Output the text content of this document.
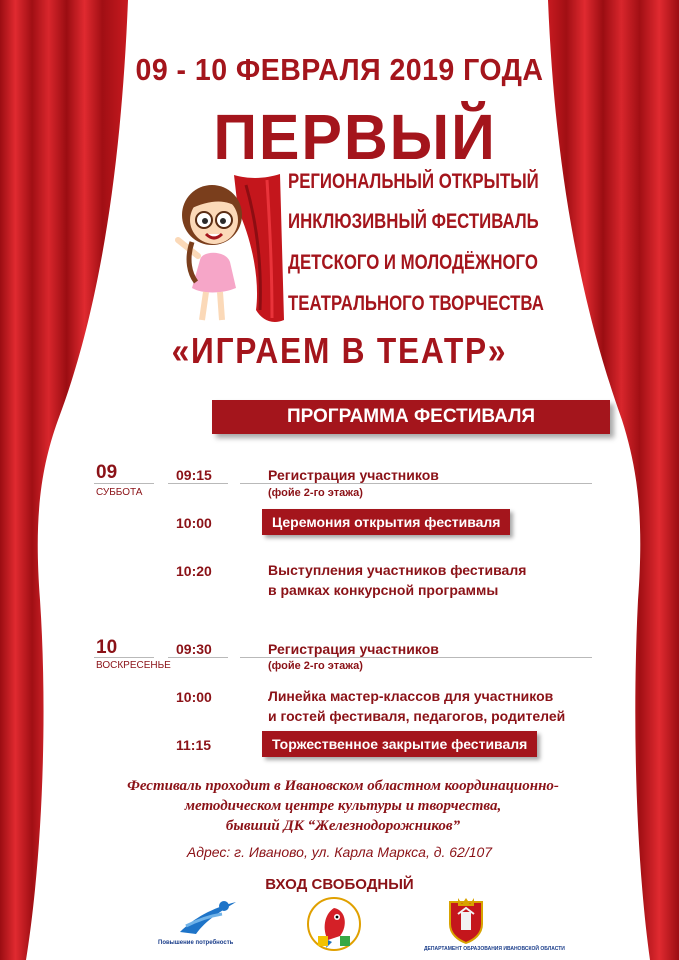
09 - 10 ФЕВРАЛЯ 2019 ГОДА
ПЕРВЫЙ
РЕГИОНАЛЬНЫЙ ОТКРЫТЫЙ
ИНКЛЮЗИВНЫЙ ФЕСТИВАЛЬ
ДЕТСКОГО И МОЛОДЁЖНОГО
ТЕАТРАЛЬНОГО ТВОРЧЕСТВА
«ИГРАЕМ В ТЕАТР»
ПРОГРАММА ФЕСТИВАЛЯ
09
СУББОТА
09:15	Регистрация участников
(фойе 2-го этажа)
10:00	Церемония открытия фестиваля
10:20	Выступления участников фестиваля
в рамках конкурсной программы
10
ВОСКРЕСЕНЬЕ
09:30	Регистрация участников
(фойе 2-го этажа)
10:00	Линейка мастер-классов для участников
и гостей фестиваля, педагогов, родителей
11:15	Торжественное закрытие фестиваля
Фестиваль проходит в Ивановском областном координационно-
методическом центре культуры и творчества,
бывший ДК “Железнодорожников”
Адрес: г. Иваново, ул. Карла Маркса, д. 62/107
ВХОД СВОБОДНЫЙ
Повышение потребность
ДЕПАРТАМЕНТ ОБРАЗОВАНИЯ ИВАНОВСКОЙ ОБЛАСТИ
